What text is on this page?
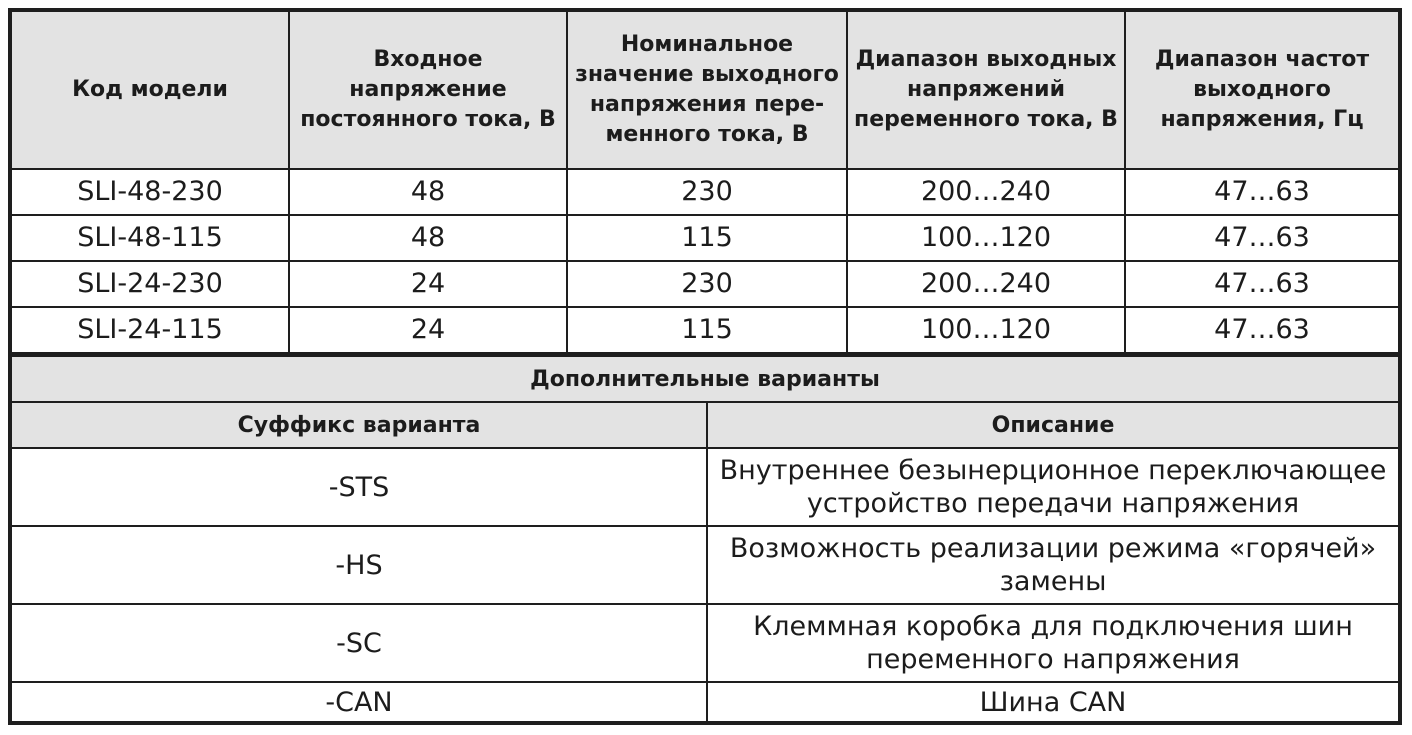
Код модели	Входное напряжение постоянного тока, В	Номинальное значение выходного напряжения переменного тока, В	Диапазон выходных напряжений переменного тока, В	Диапазон частот выходного напряжения, Гц
SLI-48-230	48	230	200…240	47…63
SLI-48-115	48	115	100…120	47…63
SLI-24-230	24	230	200…240	47…63
SLI-24-115	24	115	100…120	47…63
Дополнительные варианты	
Суффикс варианта	Описание
-STS	Внутреннее безынерционное переключающее устройство передачи напряжения
-HS	Возможность реализации режима «горячей» замены
-SC	Клеммная коробка для подключения шин переменного напряжения
-CAN	Шина CAN
